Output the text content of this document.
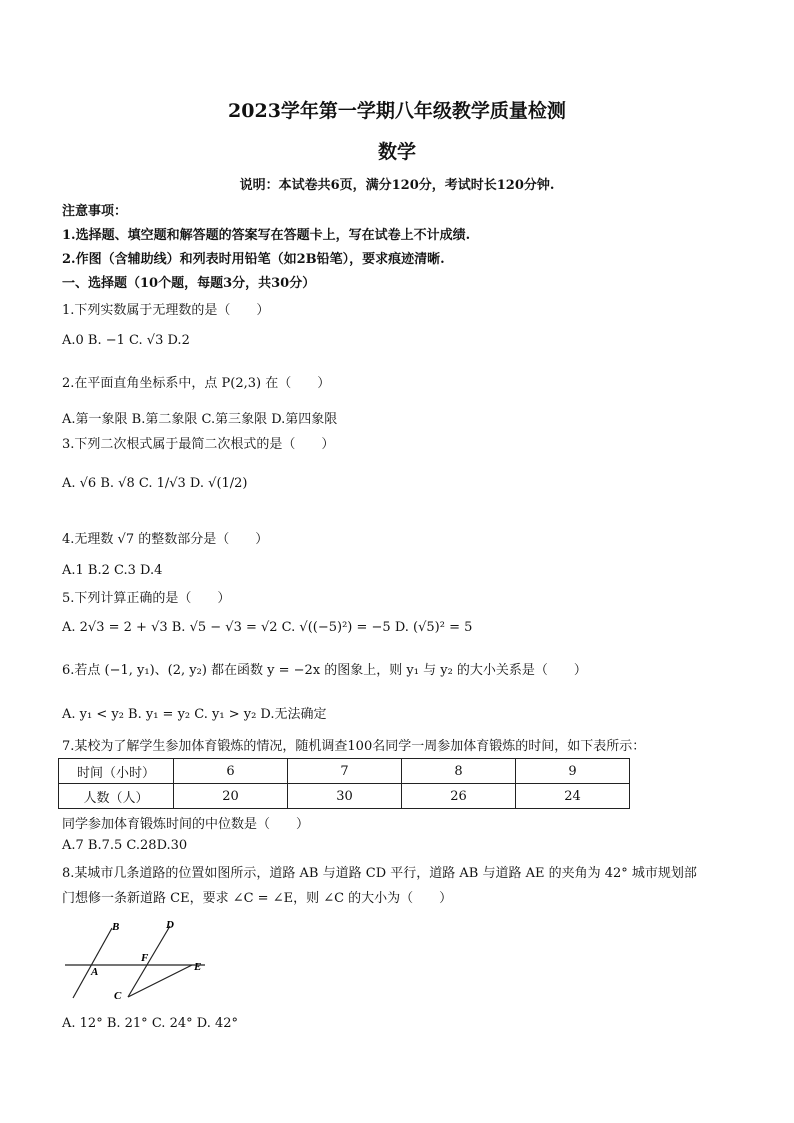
2023学年第一学期八年级教学质量检测
数学
说明：本试卷共6页，满分120分，考试时长120分钟.
注意事项：
1.选择题、填空题和解答题的答案写在答题卡上，写在试卷上不计成绩.
2.作图（含辅助线）和列表时用铅笔（如2B铅笔），要求痕迹清晰.
一、选择题（10个题，每题3分，共30分）
1.下列实数属于无理数的是（　　）
A.0 B. −1 C. √3 D.2
2.在平面直角坐标系中，点 P(2,3) 在（　　）
A.第一象限 B.第二象限 C.第三象限 D.第四象限
3.下列二次根式属于最简二次根式的是（　　）
A. √6 B. √8 C. 1/√3 D. √(1/2)
4.无理数 √7 的整数部分是（　　）
A.1 B.2 C.3 D.4
5.下列计算正确的是（　　）
A. 2√3 = 2 + √3 B. √5 − √3 = √2 C. √((−5)²) = −5 D. (√5)² = 5
6.若点 (−1, y₁)、(2, y₂) 都在函数 y = −2x 的图象上，则 y₁ 与 y₂ 的大小关系是（　　）
A. y₁ < y₂ B. y₁ = y₂ C. y₁ > y₂ D.无法确定
7.某校为了解学生参加体育锻炼的情况，随机调查100名同学一周参加体育锻炼的时间，如下表所示：
时间（小时）	6	7	8	9
人数（人）	20	30	26	24
同学参加体育锻炼时间的中位数是（　　）
A.7 B.7.5 C.28D.30
8.某城市几条道路的位置如图所示，道路 AB 与道路 CD 平行，道路 AB 与道路 AE 的夹角为 42° 城市规划部
门想修一条新道路 CE，要求 ∠C = ∠E，则 ∠C 的大小为（　　）
B	D
A
F
E
C
A. 12° B. 21° C. 24° D. 42°
